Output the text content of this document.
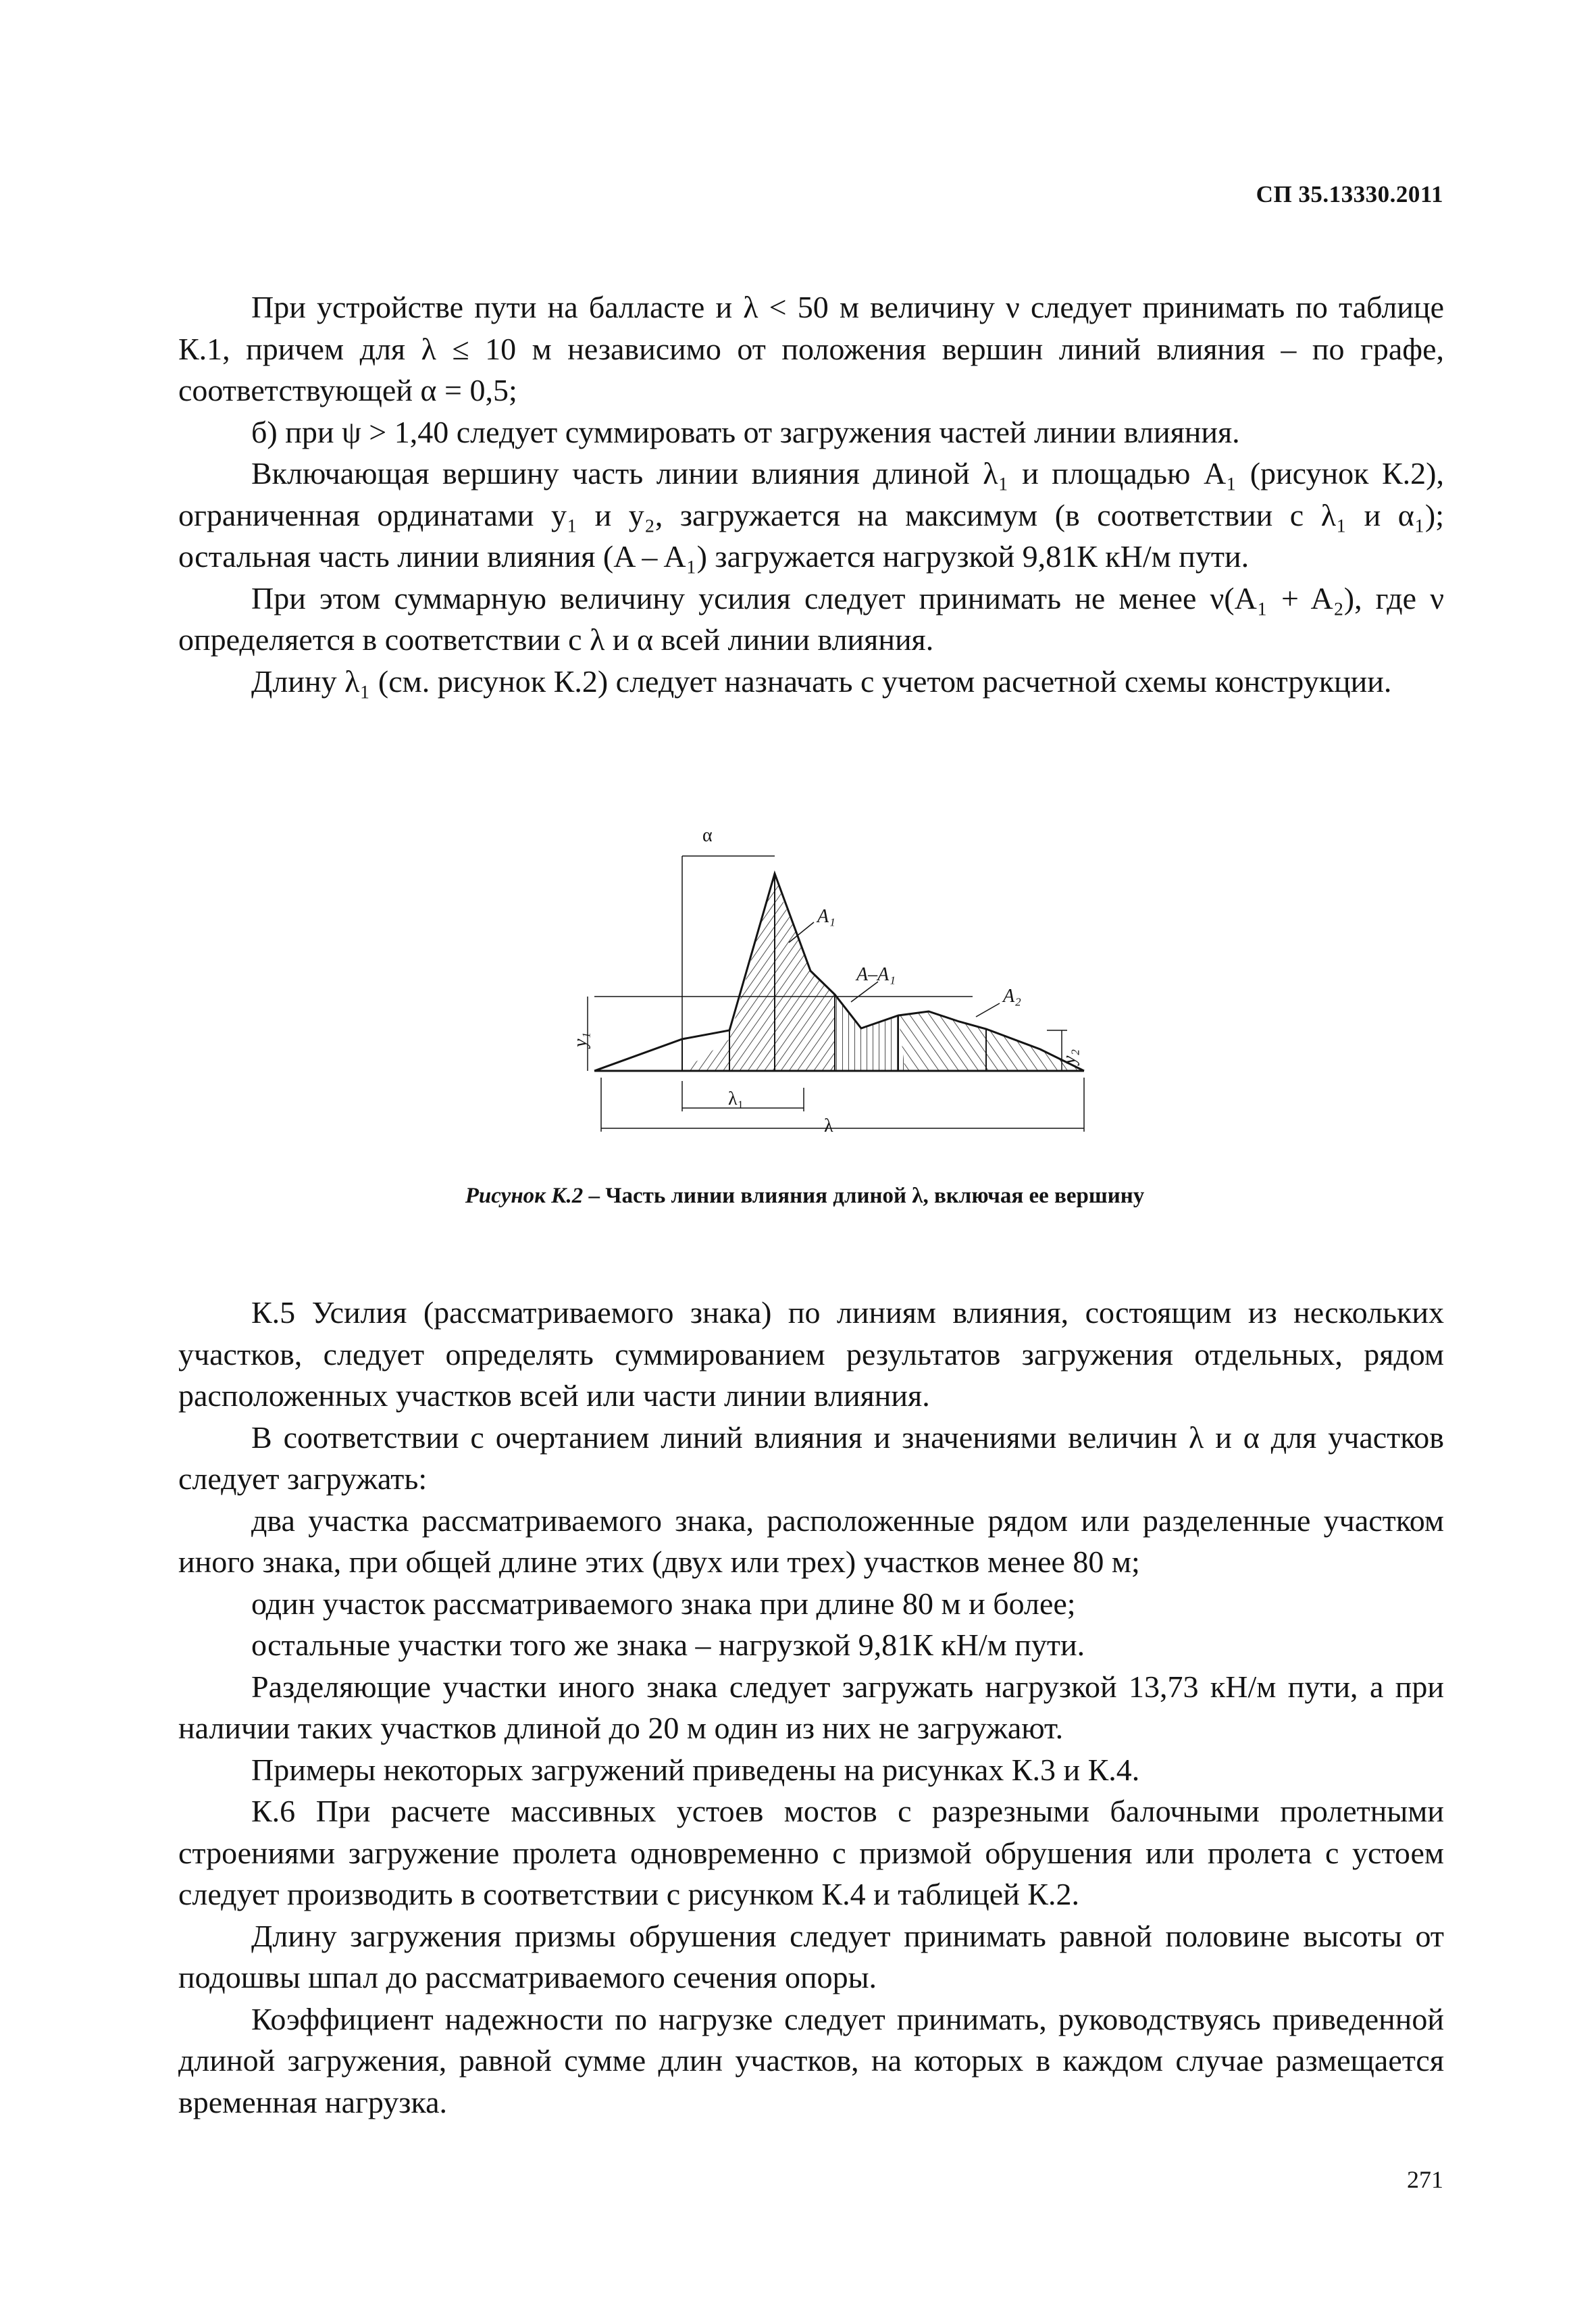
СП 35.13330.2011

При устройстве пути на балласте и λ < 50 м величину ν следует принимать по таблице К.1, причем для λ ≤ 10 м независимо от положения вершин линий влияния – по графе, соответствующей α = 0,5;

б) при ψ > 1,40 следует суммировать от загружения частей линии влияния.

Включающая вершину часть линии влияния длиной λ₁ и площадью A₁ (рисунок К.2), ограниченная ординатами y₁ и y₂, загружается на максимум (в соответствии с λ₁ и α₁); остальная часть линии влияния (A – A₁) загружается нагрузкой 9,81К кН/м пути.

При этом суммарную величину усилия следует принимать не менее ν(A₁ + A₂), где ν определяется в соответствии с λ и α всей линии влияния.

Длину λ₁ (см. рисунок К.2) следует назначать с учетом расчетной схемы конструкции.

α
A₁
A–A₁
A₂
λ₁
λ
y₁
y₂
Рисунок К.2 – Часть линии влияния длиной λ, включая ее вершину

К.5 Усилия (рассматриваемого знака) по линиям влияния, состоящим из нескольких участков, следует определять суммированием результатов загружения отдельных, рядом расположенных участков всей или части линии влияния.

В соответствии с очертанием линий влияния и значениями величин λ и α для участков следует загружать:

два участка рассматриваемого знака, расположенные рядом или разделенные участком иного знака, при общей длине этих (двух или трех) участков менее 80 м;

один участок рассматриваемого знака при длине 80 м и более;

остальные участки того же знака – нагрузкой 9,81К кН/м пути.

Разделяющие участки иного знака следует загружать нагрузкой 13,73 кН/м пути, а при наличии таких участков длиной до 20 м один из них не загружают.

Примеры некоторых загружений приведены на рисунках К.3 и К.4.

К.6 При расчете массивных устоев мостов с разрезными балочными пролетными строениями загружение пролета одновременно с призмой обрушения или пролета с устоем следует производить в соответствии с рисунком К.4 и таблицей К.2.

Длину загружения призмы обрушения следует принимать равной половине высоты от подошвы шпал до рассматриваемого сечения опоры.

Коэффициент надежности по нагрузке следует принимать, руководствуясь приведенной длиной загружения, равной сумме длин участков, на которых в каждом случае размещается временная нагрузка.

271
